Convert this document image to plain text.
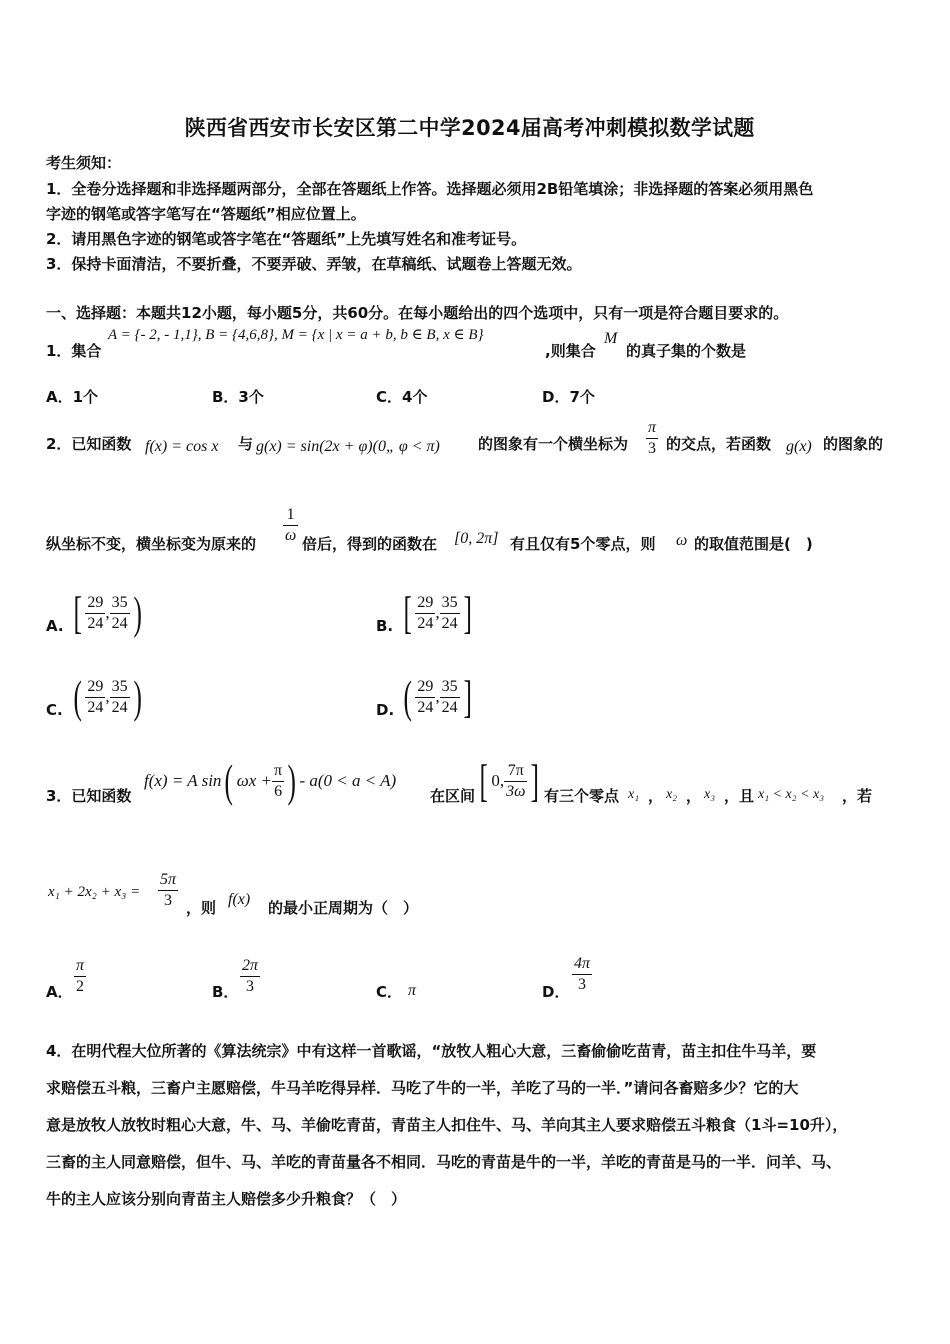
陕西省西安市长安区第二中学2024届高考冲刺模拟数学试题
考生须知：
1．全卷分选择题和非选择题两部分，全部在答题纸上作答。选择题必须用2B铅笔填涂；非选择题的答案必须用黑色
字迹的钢笔或答字笔写在“答题纸”相应位置上。
2．请用黑色字迹的钢笔或答字笔在“答题纸”上先填写姓名和准考证号。
3．保持卡面清洁，不要折叠，不要弄破、弄皱，在草稿纸、试题卷上答题无效。
一、选择题：本题共12小题，每小题5分，共60分。在每小题给出的四个选项中，只有一项是符合题目要求的。
1．集合
A = {- 2, - 1,1}, B = {4,6,8}, M = {x | x = a + b, b ∈ B, x ∈ B}
,则集合
M
的真子集的个数是
A．1个	B．3个	C．4个	D．7个
2．已知函数 f(x) = cos x 与 g(x) = sin(2x + φ)(0„ φ < π)	的图象有一个横坐标为 $\frac{\pi}{3}$ 的交点，若函数 g(x) 的图象的
纵坐标不变，横坐标变为原来的 $\frac{1}{\omega}$ 倍后，得到的函数在 [0, 2π] 有且仅有5个零点，则 ω 的取值范围是(　)
A. [ $\frac{29}{24}$ , $\frac{35}{24}$ )	B. [ $\frac{29}{24}$ , $\frac{35}{24}$ ]
C. ( $\frac{29}{24}$ , $\frac{35}{24}$ )	D. ( $\frac{29}{24}$ , $\frac{35}{24}$ ]
3．已知函数
f(x) = A sin ( $\omega x + \frac{\pi}{6}$ ) - a(0 < a < A)
在区间 [ 0, $\frac{7\pi}{3\omega}$ ] 有三个零点 x₁ ， x₂ ， x₃ ， 且 x₁ < x₂ < x₃ ，若
$x_1 + 2x_2 + x_3 = \frac{5\pi}{3}$ ，则 f(x) 的最小正周期为（　）
A． $\frac{\pi}{2}$	B． $\frac{2\pi}{3}$	C． π	D． $\frac{4\pi}{3}$
4．在明代程大位所著的《算法统宗》中有这样一首歌谣，“放牧人粗心大意，三畜偷偷吃苗青，苗主扣住牛马羊，要
求赔偿五斗粮，三畜户主愿赔偿，牛马羊吃得异样．马吃了牛的一半，羊吃了马的一半．”请问各畜赔多少？它的大
意是放牧人放牧时粗心大意，牛、马、羊偷吃青苗，青苗主人扣住牛、马、羊向其主人要求赔偿五斗粮食（1斗=10升），
三畜的主人同意赔偿，但牛、马、羊吃的青苗量各不相同．马吃的青苗是牛的一半，羊吃的青苗是马的一半．问羊、马、
牛的主人应该分别向青苗主人赔偿多少升粮食？（　）
